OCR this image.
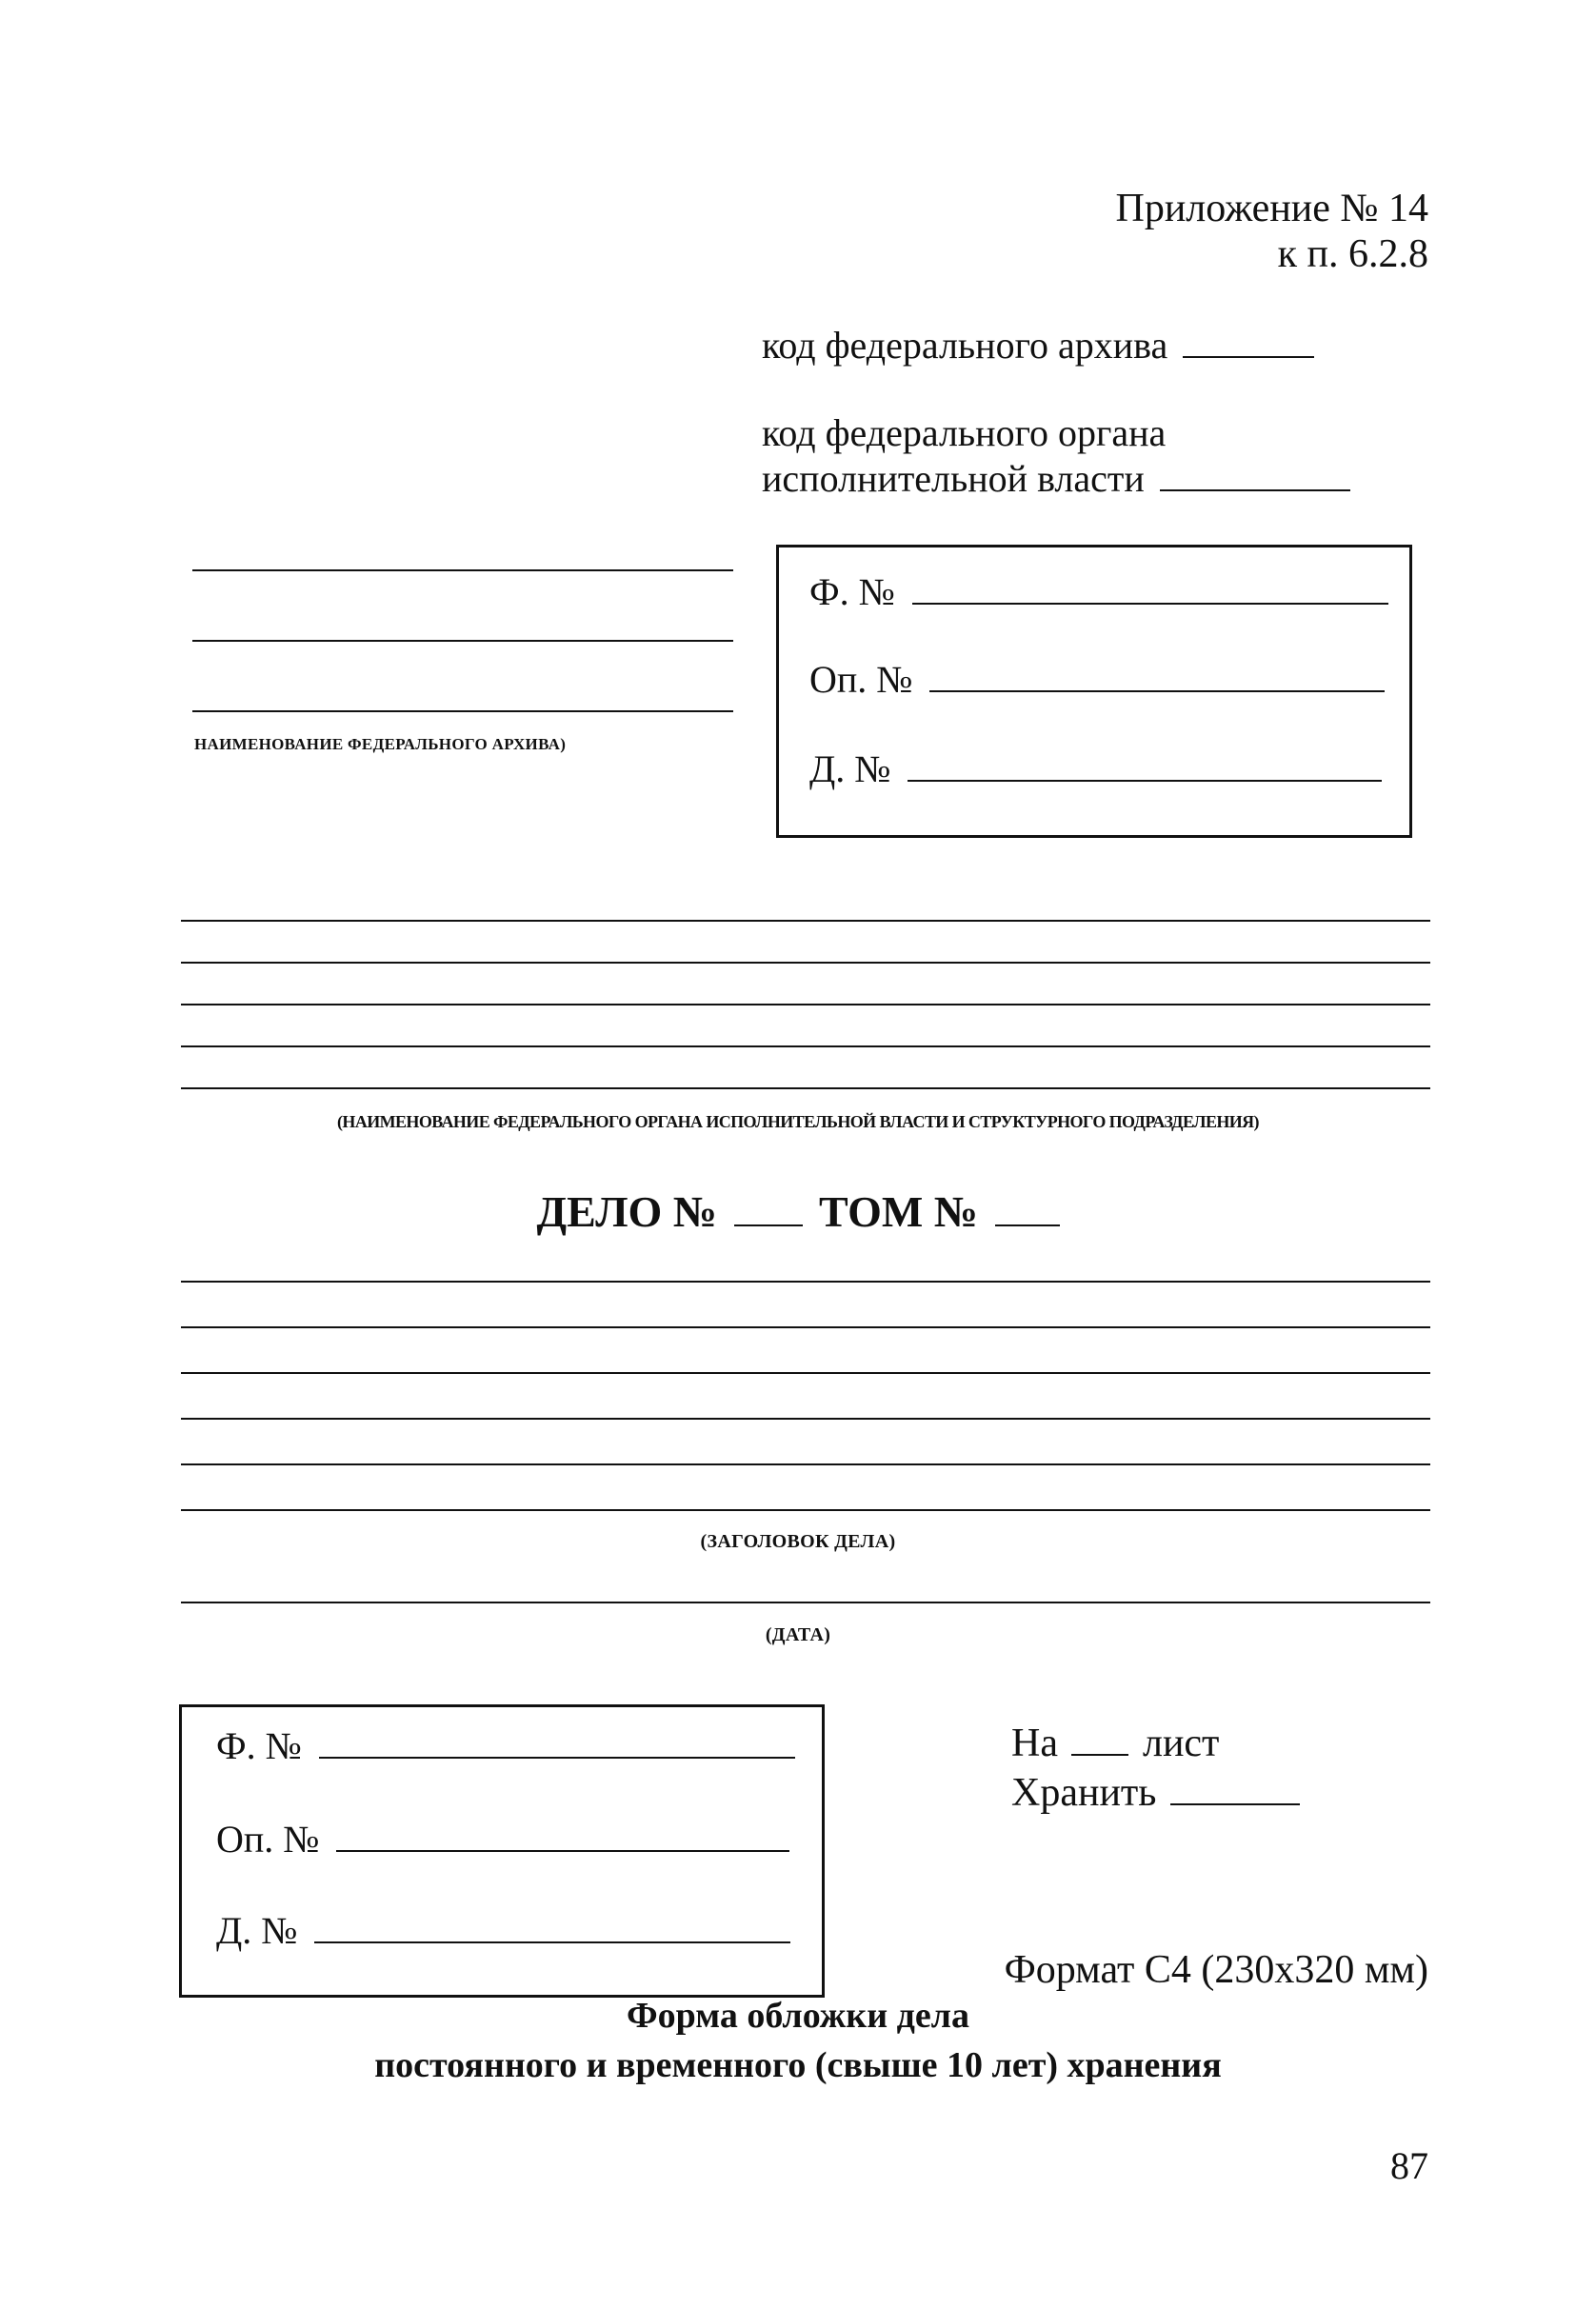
Приложение № 14
к п. 6.2.8
код федерального архива
код федерального органа
исполнительной власти
НАИМЕНОВАНИЕ ФЕДЕРАЛЬНОГО АРХИВА)
Ф. №
Оп. №
Д. №
(НАИМЕНОВАНИЕ ФЕДЕРАЛЬНОГО ОРГАНА ИСПОЛНИТЕЛЬНОЙ ВЛАСТИ И СТРУКТУРНОГО ПОДРАЗДЕЛЕНИЯ)
ДЕЛО № ТОМ №
(ЗАГОЛОВОК ДЕЛА)
(ДАТА)
Ф. №
Оп. №
Д. №
На лист
Хранить
Формат С4 (230х320 мм)
Форма обложки дела
постоянного и временного (свыше 10 лет) хранения
87
